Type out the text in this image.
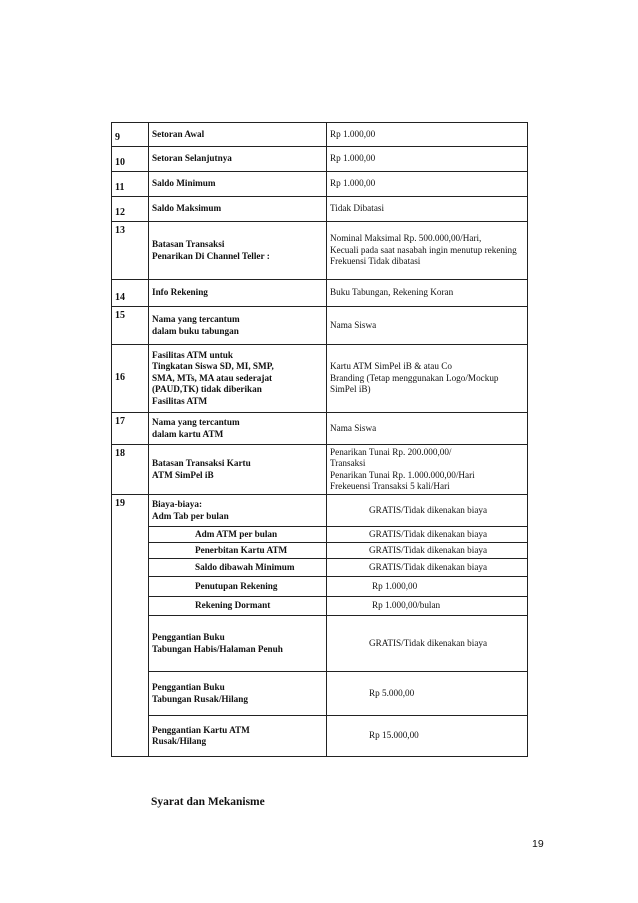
9	Setoran Awal	Rp 1.000,00
10	Setoran Selanjutnya	Rp 1.000,00
11	Saldo Minimum	Rp 1.000,00
12	Saldo Maksimum	Tidak Dibatasi
13	Batasan Transaksi
Penarikan Di Channel Teller :	Nominal Maksimal Rp. 500.000,00/Hari,
Kecuali pada saat nasabah ingin menutup rekening
Frekuensi Tidak dibatasi
14	Info Rekening	Buku Tabungan, Rekening Koran
15	Nama yang tercantum
dalam buku tabungan	Nama Siswa
16	Fasilitas ATM untuk
Tingkatan Siswa SD, MI, SMP,
SMA, MTs, MA atau sederajat
(PAUD,TK) tidak diberikan
Fasilitas ATM	Kartu ATM SimPel iB & atau Co
Branding (Tetap menggunakan Logo/Mockup
SimPel iB)
17	Nama yang tercantum
dalam kartu ATM	Nama Siswa
18	Batasan Transaksi Kartu
ATM SimPel iB	Penarikan Tunai Rp. 200.000,00/
Transaksi
Penarikan Tunai Rp. 1.000.000,00/Hari
Frekeuensi Transaksi 5 kali/Hari
19	Biaya-biaya:
Adm Tab per bulan	GRATIS/Tidak dikenakan biaya
	Adm ATM per bulan	GRATIS/Tidak dikenakan biaya
	Penerbitan Kartu ATM	GRATIS/Tidak dikenakan biaya
	Saldo dibawah Minimum	GRATIS/Tidak dikenakan biaya
	Penutupan Rekening	Rp 1.000,00
	Rekening Dormant	Rp 1.000,00/bulan
	Penggantian Buku
Tabungan Habis/Halaman Penuh	GRATIS/Tidak dikenakan biaya
	Penggantian Buku
Tabungan Rusak/Hilang	Rp 5.000,00
	Penggantian Kartu ATM
Rusak/Hilang	Rp 15.000,00
Syarat dan Mekanisme
19
